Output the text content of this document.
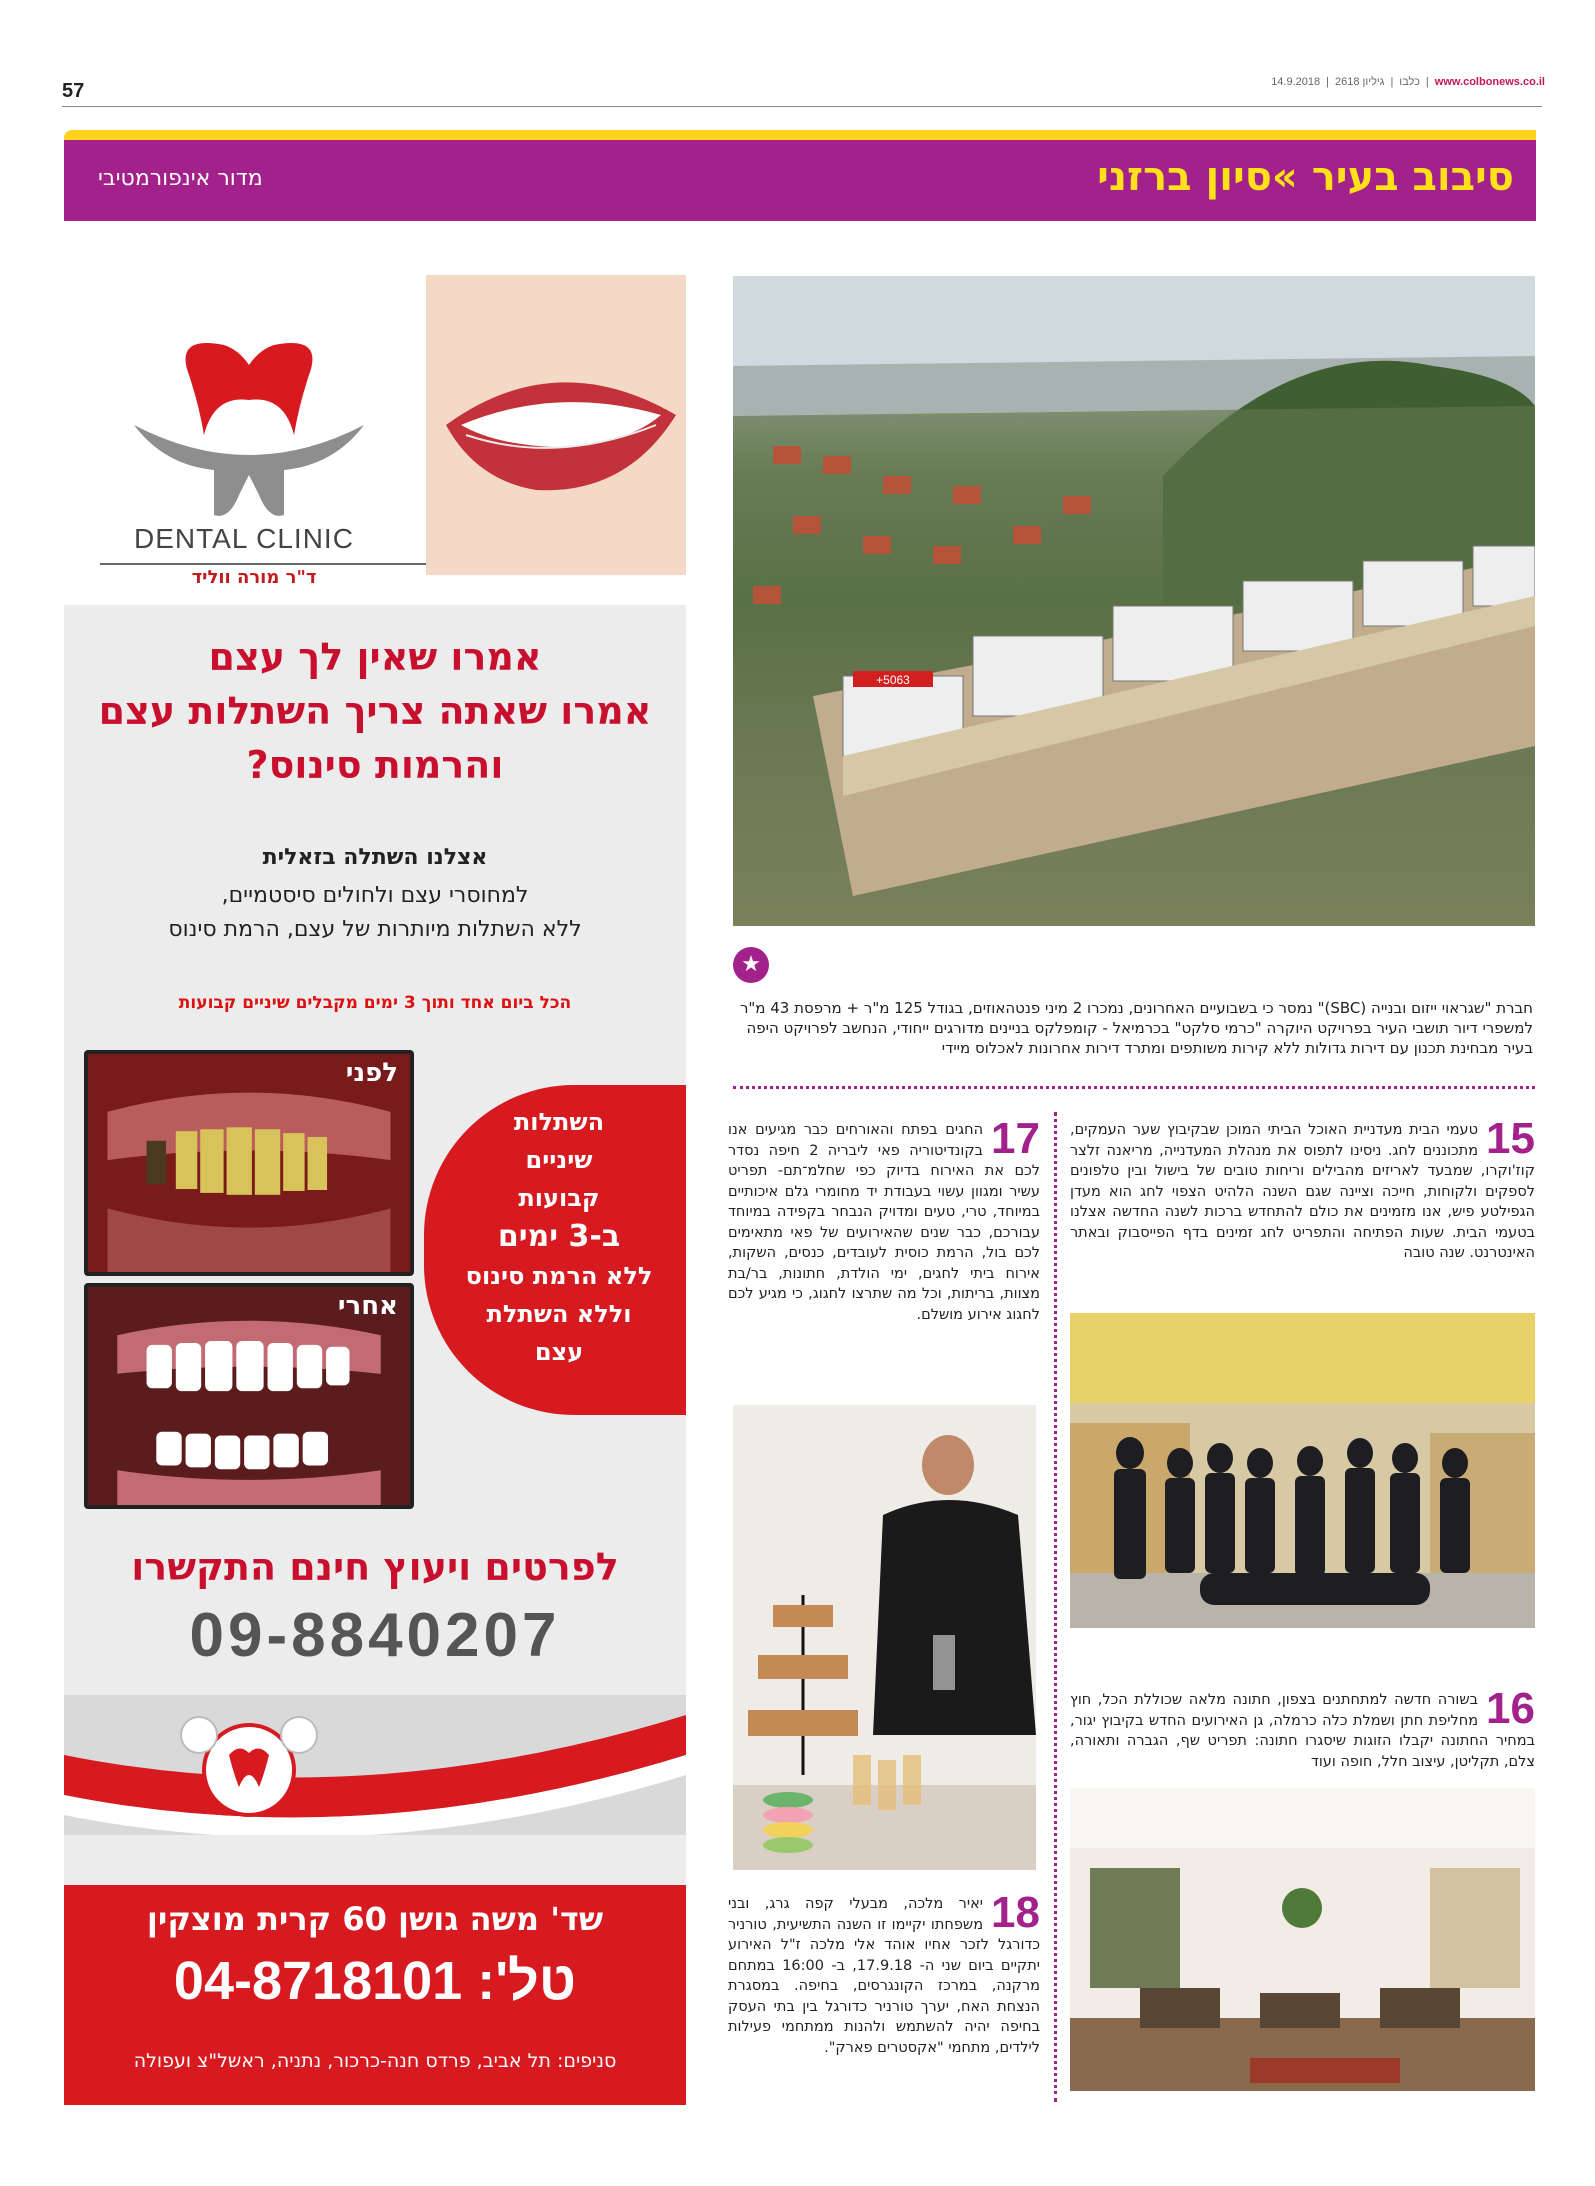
57	14.9.2018 | גיליון 2618 | כלבו | www.colbonews.co.il
סיבוב בעיר »סיון ברזני
מדור אינפורמטיבי
+5063
★
חברת "שגראוי ייזום ובנייה (SBC)" נמסר כי בשבועיים האחרונים, נמכרו 2 מיני פנטהאוזים, בגודל 125 מ"ר + מרפסת 43 מ"ר למשפרי דיור תושבי העיר בפרויקט היוקרה "כרמי סלקט" בכרמיאל - קומפלקס בניינים מדורגים ייחודי, הנחשב לפרויקט היפה בעיר מבחינת תכנון עם דירות גדולות ללא קירות משותפים ומתרד דירות אחרונות לאכלוס מיידי
15
טעמי הבית מעדניית האוכל הביתי המוכן שבקיבוץ שער העמקים, מתכוננים לחג. ניסינו לתפוס את מנהלת המעדנייה, מריאנה זלצר קוז'וקרו, שמבעד לאריזים מהבילים וריחות טובים של בישול ובין טלפונים לספקים ולקוחות, חייכה וציינה שגם השנה הלהיט הצפוי לחג הוא מעדן הגפילטע פיש, אנו מזמינים את כולם להתחדש ברכות לשנה החדשה אצלנו בטעמי הבית. שעות הפתיחה והתפריט לחג זמינים בדף הפייסבוק ובאתר האינטרנט. שנה טובה
17
החגים בפתח והאורחים כבר מגיעים אנו בקונדיטוריה פאי ליבריה 2 חיפה נסדר לכם את האירוח בדיוק כפי שחלמ־תם- תפריט עשיר ומגוון עשוי בעבודת יד מחומרי גלם איכותיים במיוחד, טרי, טעים ומדויק הנבחר בקפידה במיוחד עבורכם, כבר שנים שהאירועים של פאי מתאימים לכם בול, הרמת כוסית לעובדים, כנסים, השקות, אירוח ביתי לחגים, ימי הולדת, חתונות, בר/בת מצוות, בריתות, וכל מה שתרצו לחגוג, כי מגיע לכם לחגוג אירוע מושלם.
16
בשורה חדשה למתחתנים בצפון, חתונה מלאה שכוללת הכל, חוץ מחליפת חתן ושמלת כלה כרמלה, גן האירועים החדש בקיבוץ יגור, במחיר החתונה יקבלו הזוגות שיסגרו חתונה: תפריט שף, הגברה ותאורה, צלם, תקליטן, עיצוב חלל, חופה ועוד
18
יאיר מלכה, מבעלי קפה גרג, ובני משפחתו יקיימו זו השנה התשיעית, טורניר כדורגל לזכר אחיו אוהד אלי מלכה ז"ל האירוע יתקיים ביום שני ה- 17.9.18, ב- 16:00 במתחם מרקנה, במרכז הקונגרסים, בחיפה. במסגרת הנצחת האח, יערך טורניר כדורגל בין בתי העסק בחיפה יהיה להשתמש ולהנות ממתחמי פעילות לילדים, מתחמי "אקסטרים פארק".
DENTAL CLINIC
ד"ר מורה ווליד
אמרו שאין לך עצם
אמרו שאתה צריך השתלות עצם
והרמות סינוס?
אצלנו השתלה בזאלית
למחוסרי עצם ולחולים סיסטמיים,
ללא השתלות מיותרות של עצם, הרמת סינוס
הכל ביום אחד ותוך 3 ימים מקבלים שיניים קבועות
לפני
אחרי
השתלות
שיניים
קבועות
ב-3 ימים
ללא הרמת סינוס
וללא השתלת
עצם
לפרטים ויעוץ חינם התקשרו
09-8840207
שד' משה גושן 60 קרית מוצקין
טל': 04-8718101
סניפים: תל אביב, פרדס חנה-כרכור, נתניה, ראשל"צ ועפולה
